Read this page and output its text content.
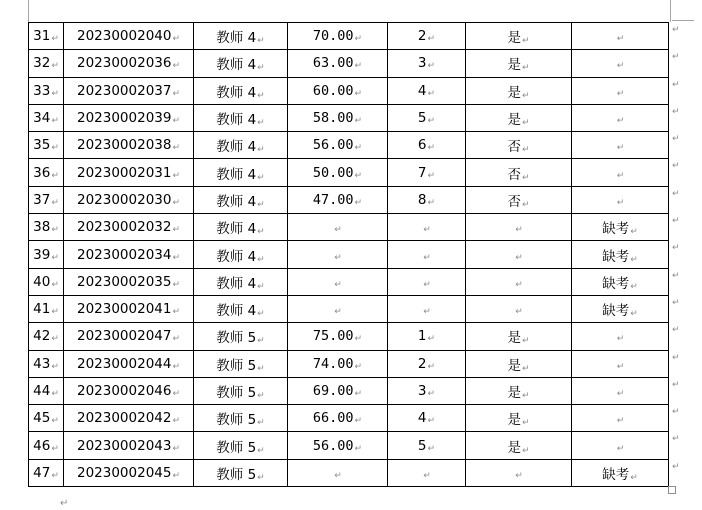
31↵	20230002040↵	教师 4↵	70.00↵	2↵	是↵	↵
32↵	20230002036↵	教师 4↵	63.00↵	3↵	是↵	↵
33↵	20230002037↵	教师 4↵	60.00↵	4↵	是↵	↵
34↵	20230002039↵	教师 4↵	58.00↵	5↵	是↵	↵
35↵	20230002038↵	教师 4↵	56.00↵	6↵	否↵	↵
36↵	20230002031↵	教师 4↵	50.00↵	7↵	否↵	↵
37↵	20230002030↵	教师 4↵	47.00↵	8↵	否↵	↵
38↵	20230002032↵	教师 4↵	↵	↵	↵	缺考↵
39↵	20230002034↵	教师 4↵	↵	↵	↵	缺考↵
40↵	20230002035↵	教师 4↵	↵	↵	↵	缺考↵
41↵	20230002041↵	教师 4↵	↵	↵	↵	缺考↵
42↵	20230002047↵	教师 5↵	75.00↵	1↵	是↵	↵
43↵	20230002044↵	教师 5↵	74.00↵	2↵	是↵	↵
44↵	20230002046↵	教师 5↵	69.00↵	3↵	是↵	↵
45↵	20230002042↵	教师 5↵	66.00↵	4↵	是↵	↵
46↵	20230002043↵	教师 5↵	56.00↵	5↵	是↵	↵
47↵	20230002045↵	教师 5↵	↵	↵	↵	缺考↵
↵
↵
↵
↵
↵
↵
↵
↵
↵
↵
↵
↵
↵
↵
↵
↵
↵
↵
